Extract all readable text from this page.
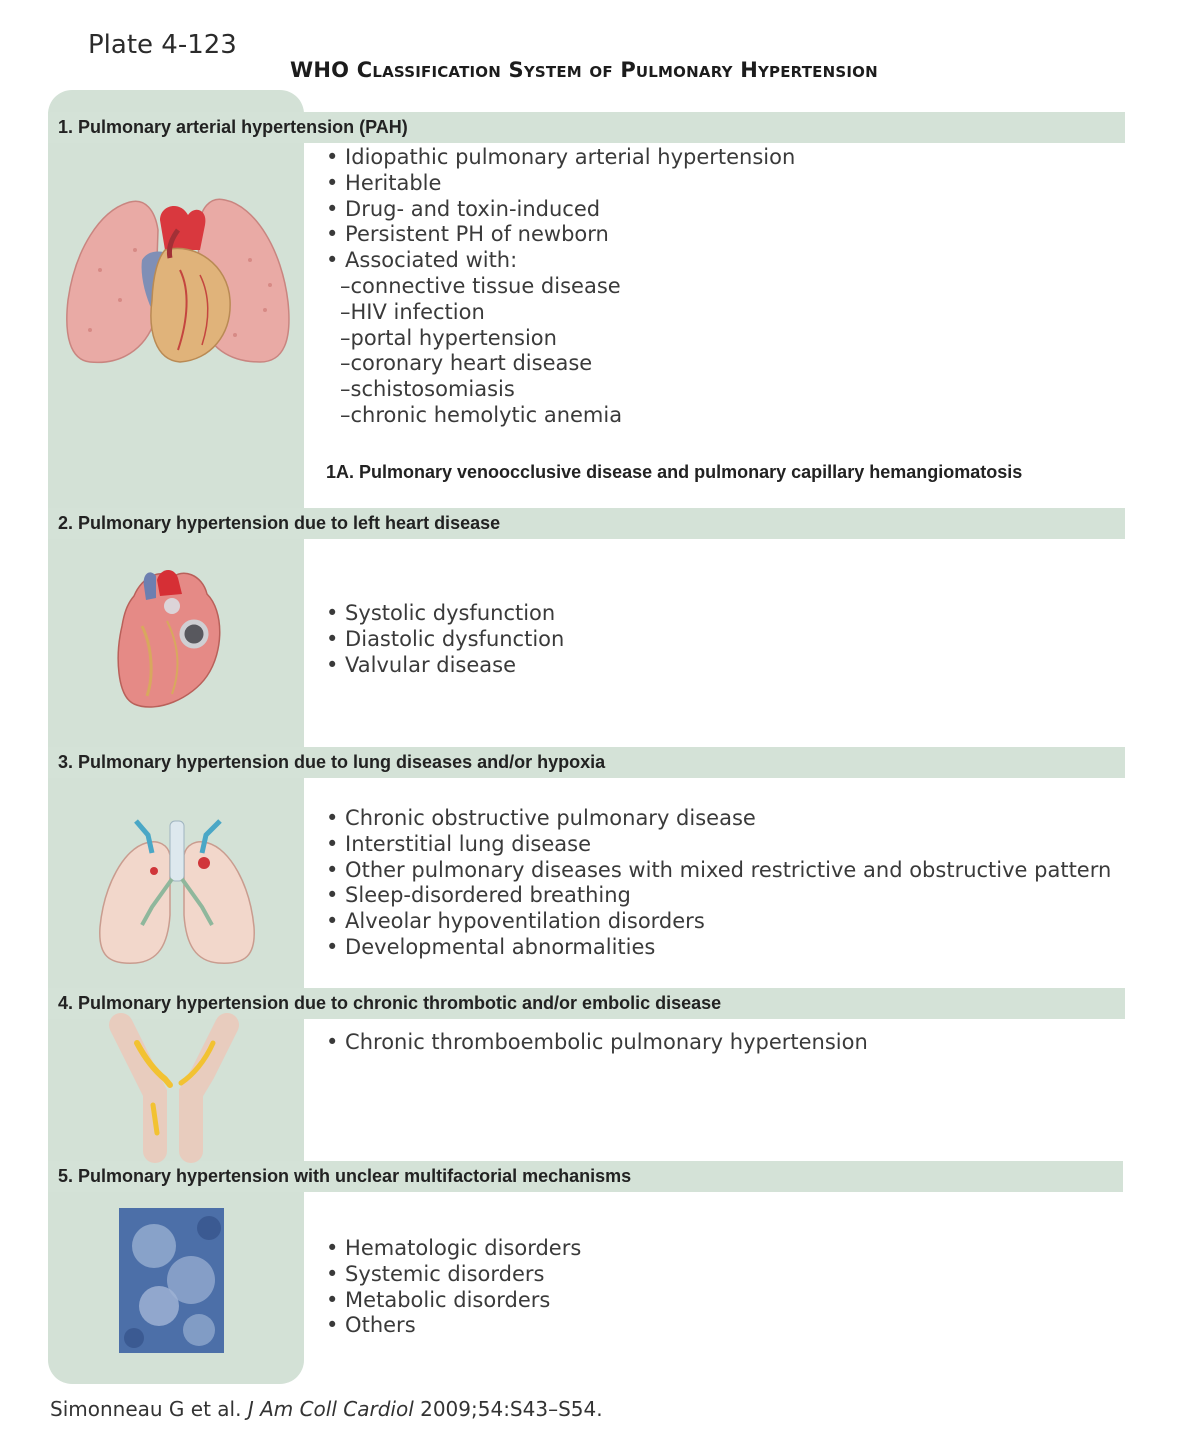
Plate 4-123
WHO Classification System of Pulmonary Hypertension
1. Pulmonary arterial hypertension (PAH)
2. Pulmonary hypertension due to left heart disease
3. Pulmonary hypertension due to lung diseases and/or hypoxia
4. Pulmonary hypertension due to chronic thrombotic and/or embolic disease
5. Pulmonary hypertension with unclear multifactorial mechanisms
• Idiopathic pulmonary arterial hypertension
• Heritable
• Drug- and toxin-induced
• Persistent PH of newborn
• Associated with:
–connective tissue disease
–HIV infection
–portal hypertension
–coronary heart disease
–schistosomiasis
–chronic hemolytic anemia
1A. Pulmonary venoocclusive disease and pulmonary capillary hemangiomatosis
• Systolic dysfunction
• Diastolic dysfunction
• Valvular disease
• Chronic obstructive pulmonary disease
• Interstitial lung disease
• Other pulmonary diseases with mixed restrictive and obstructive pattern
• Sleep-disordered breathing
• Alveolar hypoventilation disorders
• Developmental abnormalities
• Chronic thromboembolic pulmonary hypertension
• Hematologic disorders
• Systemic disorders
• Metabolic disorders
• Others
Simonneau G et al. J Am Coll Cardiol 2009;54:S43–S54.
